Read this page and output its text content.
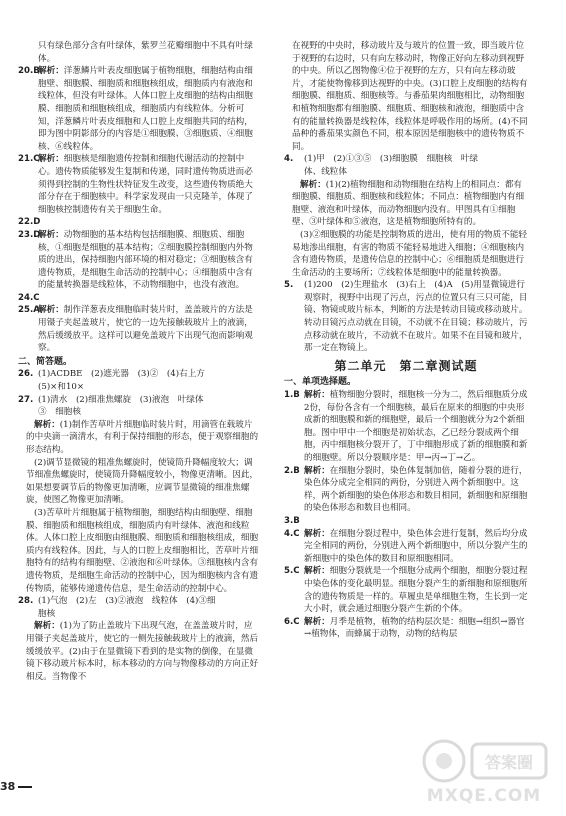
只有绿色部分含有叶绿体，紫罗兰花瓣细胞中不具有叶绿体。

20.B
解析：洋葱鳞片叶表皮细胞属于植物细胞，细胞结构由细胞壁、细胞膜、细胞质和细胞核组成，细胞质内有液泡和线粒体，但没有叶绿体。人体口腔上皮细胞的结构由细胞膜、细胞质和细胞核组成，细胞质内有线粒体。分析可知，洋葱鳞片叶表皮细胞和人口腔上皮细胞共同的结构，即为图中阴影部分的内容是①细胞膜、③细胞质、④细胞核、⑥线粒体。
21.C
解析：细胞核是细胞遗传控制和细胞代谢活动的控制中心。遗传物质能够发生复制和传递，同时遗传物质进而必须得到控制的生物性状特征发生改变，这些遗传物质绝大部分存在于细胞核中。科学家发现由一只克隆羊，体现了细胞核控制遗传有关于细胞生命。
22.D

23.D
解析：动物细胞的基本结构包括细胞膜、细胞质、细胞核，①细胞是细胞的基本结构；②细胞膜控制细胞内外物质的进出，保持细胞内部环境的相对稳定；③细胞核含有遗传物质，是细胞生命活动的控制中心；④细胞质中含有的能量转换器是线粒体，不动物细胞中，也没有液泡。
24.C

25.A
解析：制作洋葱表皮细胞临时装片时，盖盖玻片的方法是用镊子夹起盖玻片，使它的一边先接触载玻片上的液滴，然后缓缓放平。这样可以避免盖玻片下出现气泡而影响观察。

二、简答题。

26. (1)ACDBE　(2)遮光器　(3)②　(4)右上方

(5)×和10×

27. (1)清水　(2)细准焦螺旋　(3)液泡　叶绿体

③　细胞核

解析：(1)制作苦草叶片细胞临时装片时，用滴管在载玻片的中央滴一滴清水，有利于保持细胞的形态，便于观察细胞的形态结构。

(2)调节显微镜的粗准焦螺旋时，使镜筒升降幅度较大；调节细准焦螺旋时，使镜筒升降幅度较小，物像更清晰。因此，如果想要调节后的物像更加清晰，应调节显微镜的细准焦螺旋，使图乙物像更加清晰。

(3)苦草叶片细胞属于植物细胞，细胞结构由细胞壁、细胞膜、细胞质和细胞核组成，细胞质内有叶绿体、液泡和线粒体。人体口腔上皮细胞由细胞膜、细胞质和细胞核组成，细胞质内有线粒体。因此，与人的口腔上皮细胞相比，苦草叶片细胞特有的结构有细胞壁、②液泡和⑥叶绿体。③细胞核内含有遗传物质，是细胞生命活动的控制中心，因为细胞核内含有遗传物质，能够传递遗传信息，是生命活动的控制中心。

28. (1)气泡　(2)左　(3)②液泡　线粒体　(4)③细

胞核

解析：(1)为了防止盖玻片下出现气泡，在盖盖玻片时，应用镊子夹起盖玻片，使它的一侧先接触载玻片上的液滴，然后缓缓放平。(2)由于在显微镜下看到的是实物的倒像，在显微镜下移动玻片标本时，标本移动的方向与物像移动的方向正好相反。当物像不

在视野的中央时，移动玻片及与玻片的位置一致，即当玻片位于视野的右边时，只有向左移动时，物像正好向左移动到视野的中央。所以乙图物像④位于视野的左方，只有向左移动玻片，才能使物像移到达视野的中央。(3)口腔上皮细胞的结构有细胞膜、细胞质、细胞核等。与番茄果肉细胞相比，动物细胞和植物细胞都有细胞膜、细胞质、细胞核和液泡，细胞质中含有的能量转换器是线粒体，线粒体是呼吸作用的场所。(4)不同品种的番茄果实颜色不同，根本原因是细胞核中的遗传物质不同。

4. (1)甲　(2)①③⑤　(3)细胞膜　细胞核　叶绿

体、线粒体

解析：(1)(2)植物细胞和动物细胞在结构上的相同点：都有细胞膜、细胞质、细胞核和线粒体；不同点：植物细胞内有细胞壁、液泡和叶绿体，而动物细胞内没有。甲图具有①细胞壁、③叶绿体和⑤液泡，这是植物细胞所特有的。

(3)②细胞膜的功能是控制物质的进出，使有用的物质不能轻易地渗出细胞，有害的物质不能轻易地进入细胞；④细胞核内含有遗传物质，是遗传信息的控制中心；⑥细胞质是细胞进行生命活动的主要场所；⑦线粒体是细胞中的能量转换器。

5. (1)200　(2)生理盐水　(3)右上　(4)A　(5)用显微镜进行观察时，视野中出现了污点，污点的位置只有三只可能，目镜、物镜或玻片标本，判断的方法是转动目镜或移动玻片。转动目镜污点动就在目镜，不动就不在目镜；移动玻片，污点移动就在玻片，不动就不在玻片。如果不在目镜和玻片，那一定在物镜上。
第二单元　第二章测试题

一、单项选择题。

1.B 解析：植物细胞分裂时，细胞核一分为二，然后细胞质分成2份，每份各含有一个细胞核，最后在原来的细胞的中央形成新的细胞膜和新的细胞壁，最后一个细胞就分为2个新细胞。图中甲中一个细胞是初始状态，乙已经分裂成两个细胞，丙中细胞核分裂开了，丁中细胞形成了新的细胞膜和新的细胞壁。所以分裂顺序是：甲→丙→丁→乙。
2.B 解析：在细胞分裂时，染色体复制加倍，随着分裂的进行，染色体分成完全相同的两份，分别进入两个新细胞中。这样，两个新细胞的染色体形态和数目相同，新细胞和原细胞的染色体形态和数目也相同。
3.B

4.C 解析：在细胞分裂过程中，染色体会进行复制，然后均分成完全相同的两份，分别进入两个新细胞中，所以分裂产生的新细胞中的染色体的数目和原细胞相同。
5.C 解析：细胞分裂就是一个细胞分成两个细胞，细胞分裂过程中染色体的变化最明显。细胞分裂产生的新细胞和原细胞所含的遗传物质是一样的。草履虫是单细胞生物，生长到一定大小时，就会通过细胞分裂产生新的个体。
6.C 解析：月季是植物，植物的结构层次是：细胞→组织→器官→植物体，而蜂属于动物，动物的结构层
38
答案圈
MXQE.COM
